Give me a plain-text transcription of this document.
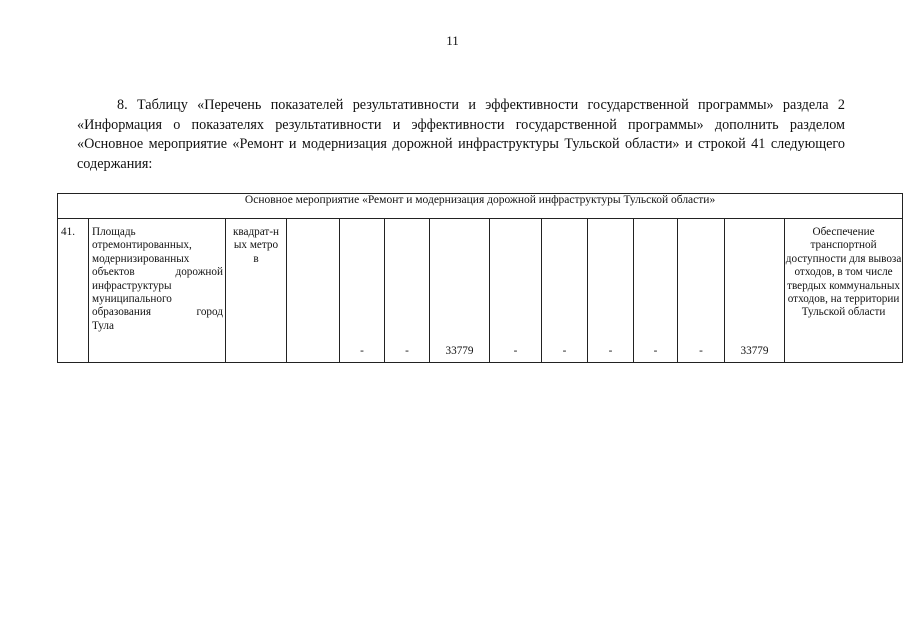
11

8. Таблицу «Перечень показателей результативности и эффективности государственной программы» раздела 2 «Информация о показателях результативности и эффективности государственной программы» дополнить разделом «Основное мероприятие «Ремонт и модернизация дорожной инфраструктуры Тульской области» и строкой 41 следующего содержания:

Основное мероприятие «Ремонт и модернизация дорожной инфраструктуры Тульской области»
41.	Площадь
отремонтированных,
модернизированных
объектов дорожной
инфраструктуры
муниципального
образования город
Тула
	квадрат-ных метров		-	-	33779	-	-	-	-	-	33779	Обеспечение транспортной доступности для вывоза отходов, в том числе твердых коммунальных отходов, на территории Тульской области
